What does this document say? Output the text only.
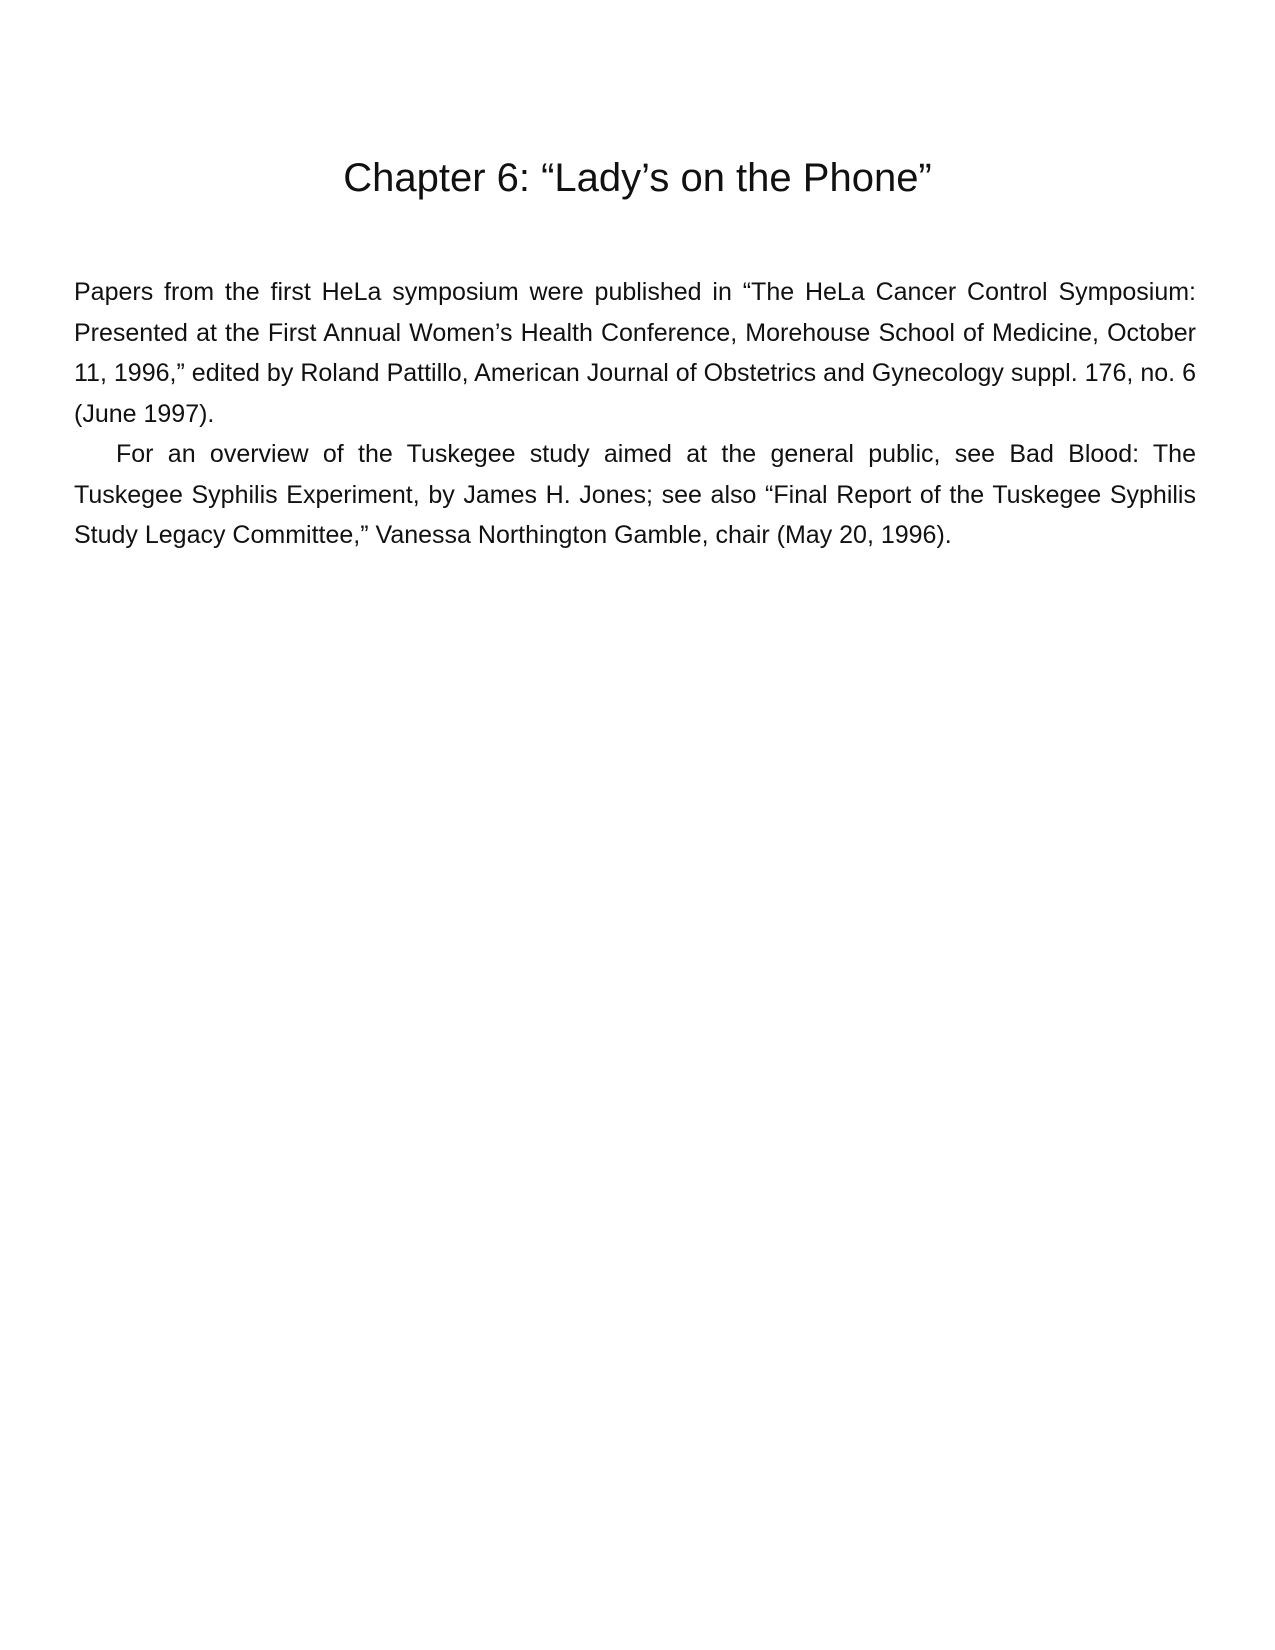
Chapter 6: “Lady’s on the Phone”

Papers from the first HeLa symposium were published in “The HeLa Cancer Control Symposium: Presented at the First Annual Women’s Health Conference, Morehouse School of Medicine, October 11, 1996,” edited by Roland Pattillo, American Journal of Obstetrics and Gynecology suppl. 176, no. 6 (June 1997).

For an overview of the Tuskegee study aimed at the general public, see Bad Blood: The Tuskegee Syphilis Experiment, by James H. Jones; see also “Final Report of the Tuskegee Syphilis Study Legacy Committee,” Vanessa Northington Gamble, chair (May 20, 1996).
